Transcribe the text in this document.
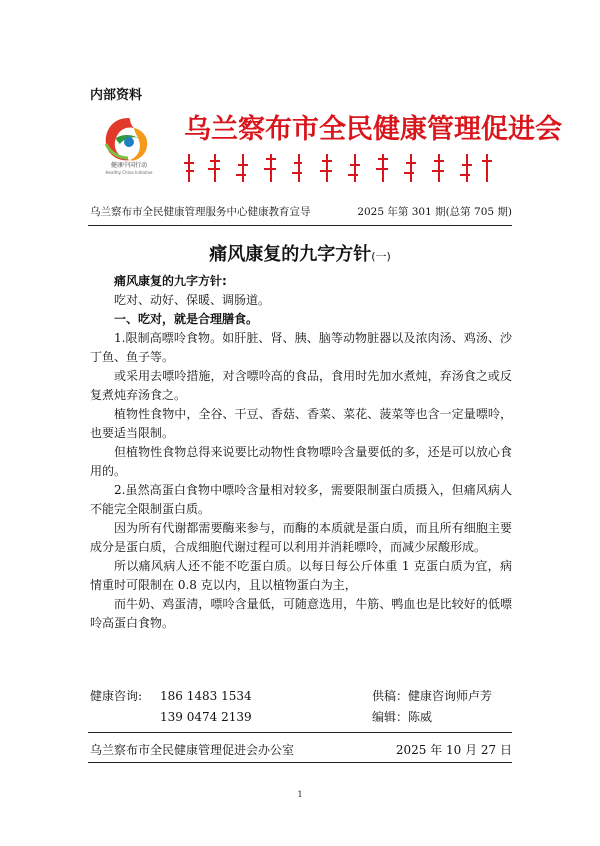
内部资料
健康中国行动
Healthy China Initiative
乌兰察布市全民健康管理促进会
乌兰察布市全民健康管理服务中心健康教育宣导	2025 年第 301 期(总第 705 期)
痛风康复的九字方针(一)

痛风康复的九字方针:

吃对、动好、保暖、调肠道。

一、吃对，就是合理膳食。

1.限制高嘌呤食物。如肝脏、肾、胰、脑等动物脏器以及浓肉汤、鸡汤、沙丁鱼、鱼子等。

或采用去嘌呤措施，对含嘌呤高的食品，食用时先加水煮炖，弃汤食之或反复煮炖弃汤食之。

植物性食物中，全谷、干豆、香菇、香菜、菜花、菠菜等也含一定量嘌呤，也要适当限制。

但植物性食物总得来说要比动物性食物嘌呤含量要低的多，还是可以放心食用的。

2.虽然高蛋白食物中嘌呤含量相对较多，需要限制蛋白质摄入，但痛风病人不能完全限制蛋白质。

因为所有代谢都需要酶来参与，而酶的本质就是蛋白质，而且所有细胞主要成分是蛋白质，合成细胞代谢过程可以利用并消耗嘌呤，而减少尿酸形成。

所以痛风病人还不能不吃蛋白质。以每日每公斤体重 1 克蛋白质为宜，病情重时可限制在 0.8 克以内，且以植物蛋白为主，

而牛奶、鸡蛋清，嘌呤含量低，可随意选用，牛筋、鸭血也是比较好的低嘌呤高蛋白食物。

健康咨询:	186 1483 1534	供稿：健康咨询师卢芳
139 0474 2139	编辑：陈威
乌兰察布市全民健康管理促进会办公室	2025 年 10 月 27 日
1
